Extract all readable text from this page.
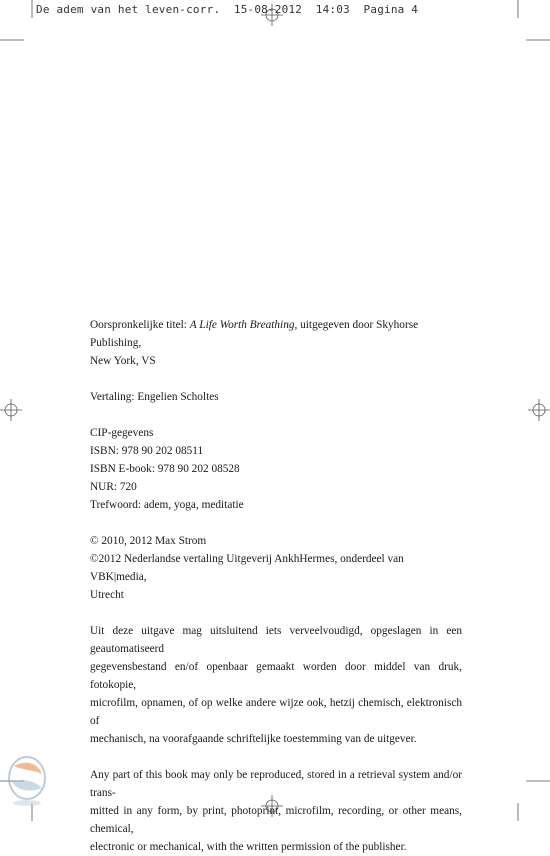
De adem van het leven-corr. 15-08-2012 14:03 Pagina 4

Oorspronkelijke titel: A Life Worth Breathing, uitgegeven door Skyhorse Publishing,

New York, VS

Vertaling: Engelien Scholtes

CIP-gegevens

ISBN: 978 90 202 08511

ISBN E-book: 978 90 202 08528

NUR: 720

Trefwoord: adem, yoga, meditatie

© 2010, 2012 Max Strom

©2012 Nederlandse vertaling Uitgeverij AnkhHermes, onderdeel van VBK|media,

Utrecht

Uit deze uitgave mag uitsluitend iets verveelvoudigd, opgeslagen in een geautomatiseerd

gegevensbestand en/of openbaar gemaakt worden door middel van druk, fotokopie,

microfilm, opnamen, of op welke andere wijze ook, hetzij chemisch, elektronisch of

mechanisch, na voorafgaande schriftelijke toestemming van de uitgever.

Any part of this book may only be reproduced, stored in a retrieval system and/or trans-

mitted in any form, by print, photoprint, microfilm, recording, or other means, chemical,

electronic or mechanical, with the written permission of the publisher.
